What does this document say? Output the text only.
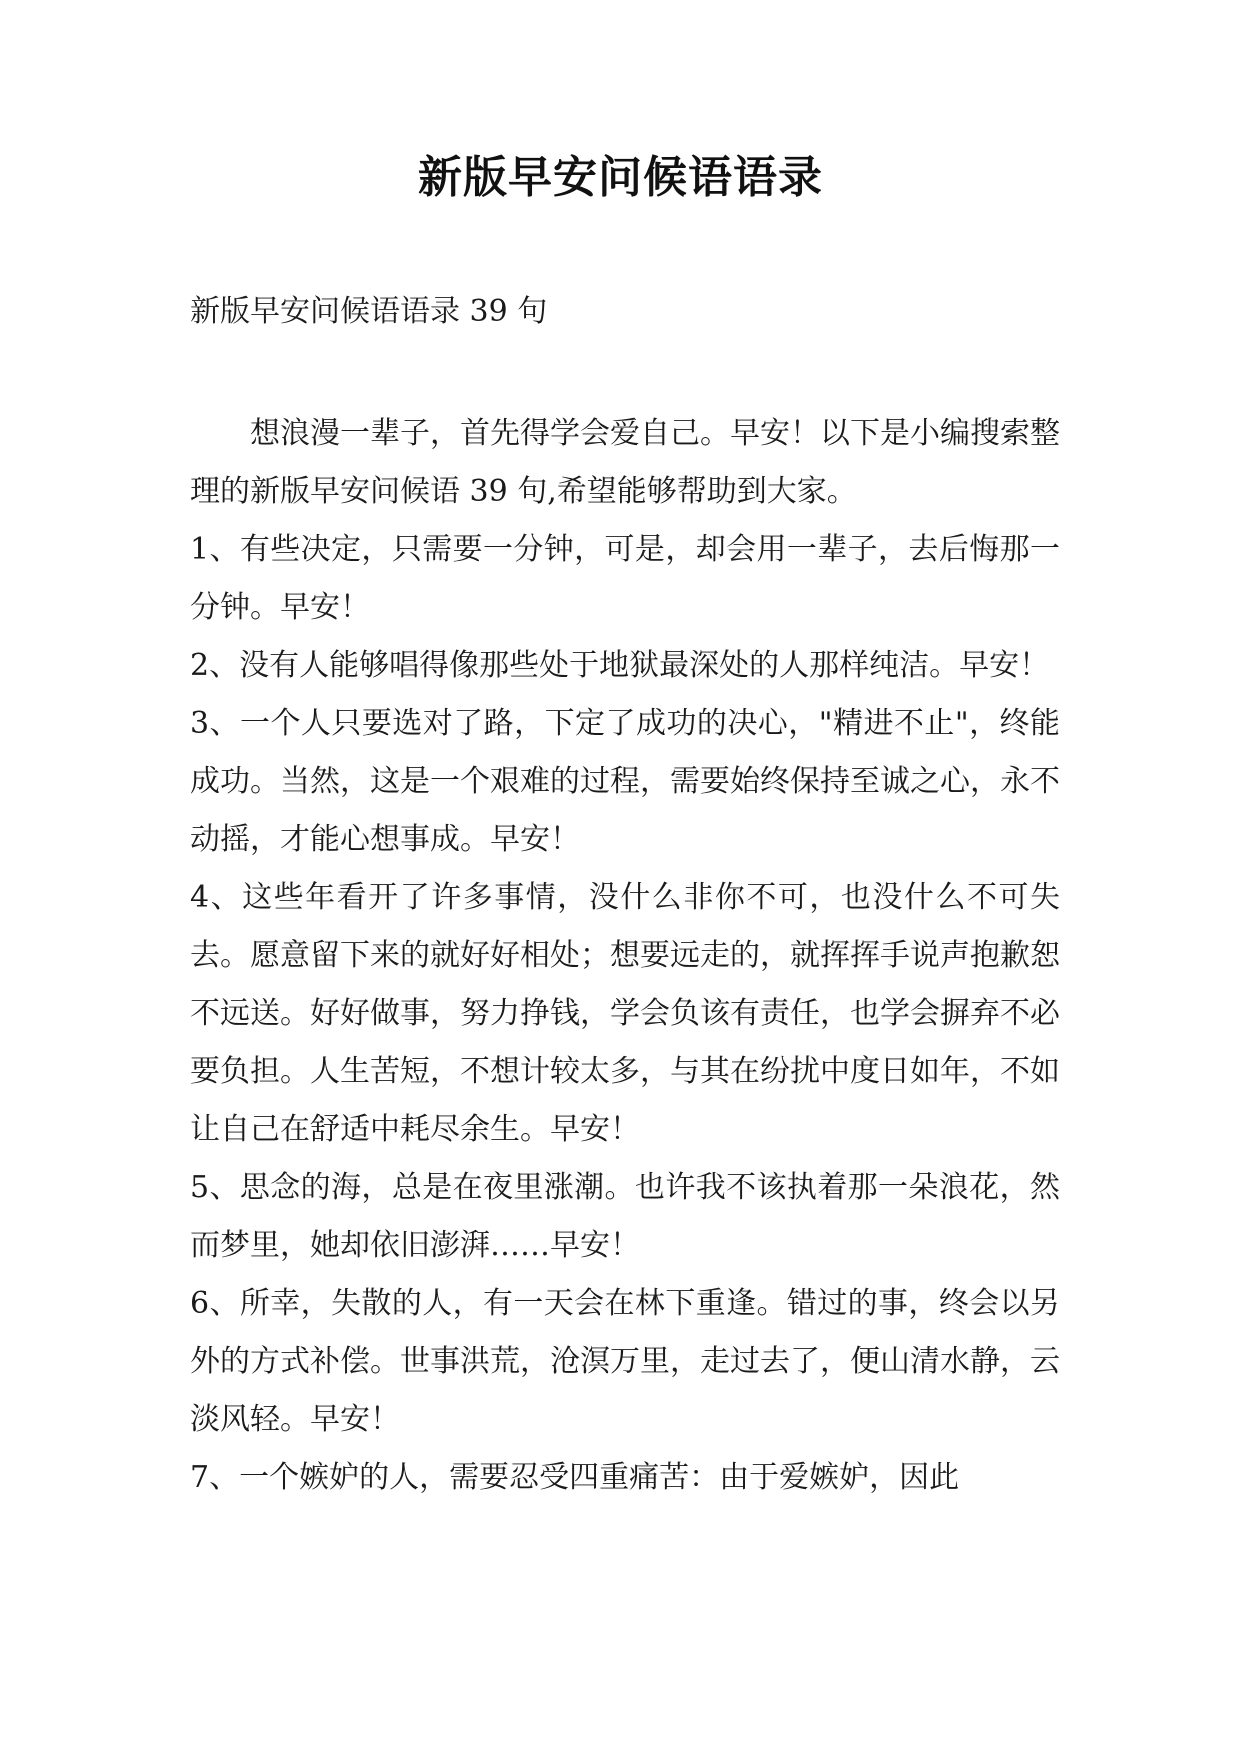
新版早安问候语语录
新版早安问候语语录 39 句

想浪漫一辈子，首先得学会爱自己。早安！以下是小编搜索整理的新版早安问候语 39 句,希望能够帮助到大家。

1、有些决定，只需要一分钟，可是，却会用一辈子，去后悔那一分钟。早安！

2、没有人能够唱得像那些处于地狱最深处的人那样纯洁。早安！

3、一个人只要选对了路，下定了成功的决心，"精进不止"，终能成功。当然，这是一个艰难的过程，需要始终保持至诚之心，永不动摇，才能心想事成。早安！

4、这些年看开了许多事情，没什么非你不可，也没什么不可失去。愿意留下来的就好好相处；想要远走的，就挥挥手说声抱歉恕不远送。好好做事，努力挣钱，学会负该有责任，也学会摒弃不必要负担。人生苦短，不想计较太多，与其在纷扰中度日如年，不如让自己在舒适中耗尽余生。早安！

5、思念的海，总是在夜里涨潮。也许我不该执着那一朵浪花，然而梦里，她却依旧澎湃……早安！

6、所幸，失散的人，有一天会在林下重逢。错过的事，终会以另外的方式补偿。世事洪荒，沧溟万里，走过去了，便山清水静，云淡风轻。早安！

7、一个嫉妒的人，需要忍受四重痛苦：由于爱嫉妒，因此
